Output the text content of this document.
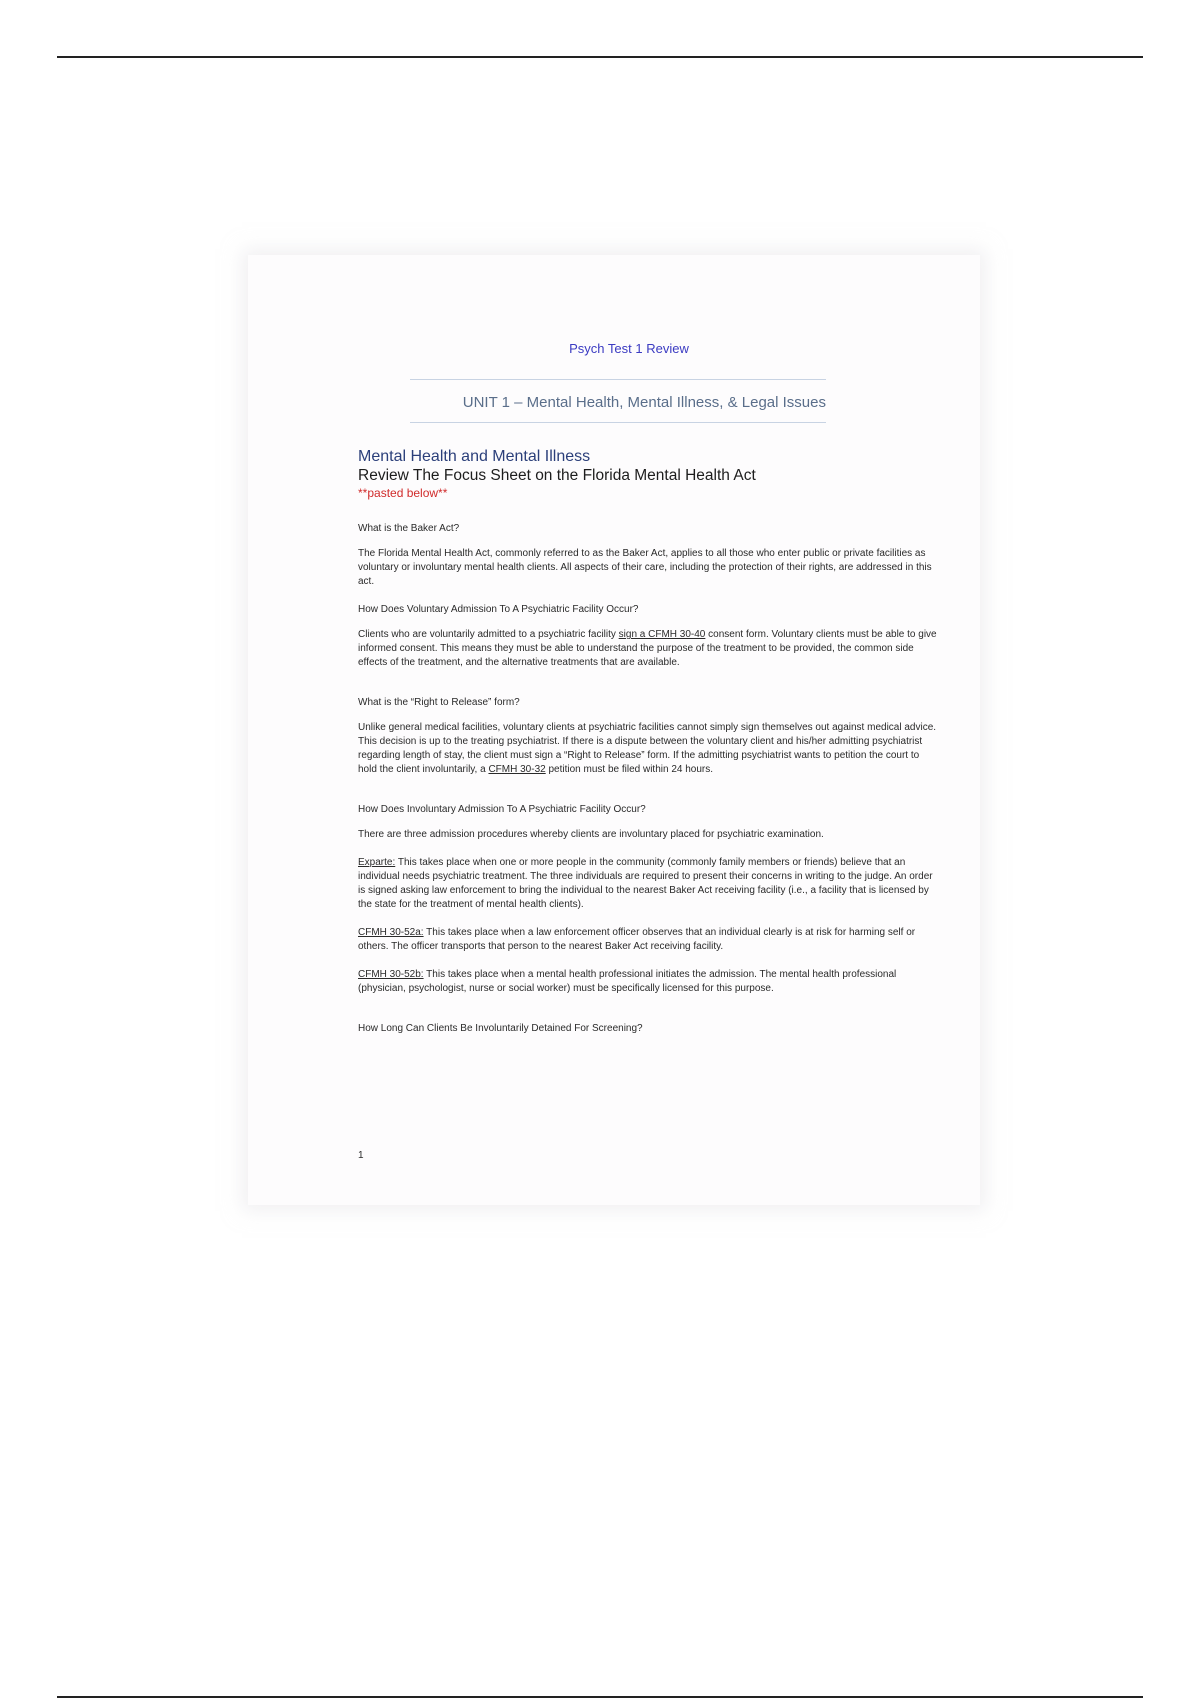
Psych Test 1 Review
UNIT 1 – Mental Health, Mental Illness, & Legal Issues

Mental Health and Mental Illness

Review The Focus Sheet on the Florida Mental Health Act

**pasted below**

What is the Baker Act?

The Florida Mental Health Act, commonly referred to as the Baker Act, applies to all those who enter public or private facilities as voluntary or involuntary mental health clients. All aspects of their care, including the protection of their rights, are addressed in this act.

How Does Voluntary Admission To A Psychiatric Facility Occur?

Clients who are voluntarily admitted to a psychiatric facility sign a CFMH 30-40 consent form. Voluntary clients must be able to give informed consent. This means they must be able to understand the purpose of the treatment to be provided, the common side effects of the treatment, and the alternative treatments that are available.

What is the “Right to Release” form?

Unlike general medical facilities, voluntary clients at psychiatric facilities cannot simply sign themselves out against medical advice. This decision is up to the treating psychiatrist. If there is a dispute between the voluntary client and his/her admitting psychiatrist regarding length of stay, the client must sign a “Right to Release” form. If the admitting psychiatrist wants to petition the court to hold the client involuntarily, a CFMH 30-32 petition must be filed within 24 hours.

How Does Involuntary Admission To A Psychiatric Facility Occur?

There are three admission procedures whereby clients are involuntary placed for psychiatric examination.

Exparte: This takes place when one or more people in the community (commonly family members or friends) believe that an individual needs psychiatric treatment. The three individuals are required to present their concerns in writing to the judge. An order is signed asking law enforcement to bring the individual to the nearest Baker Act receiving facility (i.e., a facility that is licensed by the state for the treatment of mental health clients).

CFMH 30-52a: This takes place when a law enforcement officer observes that an individual clearly is at risk for harming self or others. The officer transports that person to the nearest Baker Act receiving facility.

CFMH 30-52b: This takes place when a mental health professional initiates the admission. The mental health professional (physician, psychologist, nurse or social worker) must be specifically licensed for this purpose.

How Long Can Clients Be Involuntarily Detained For Screening?

1
